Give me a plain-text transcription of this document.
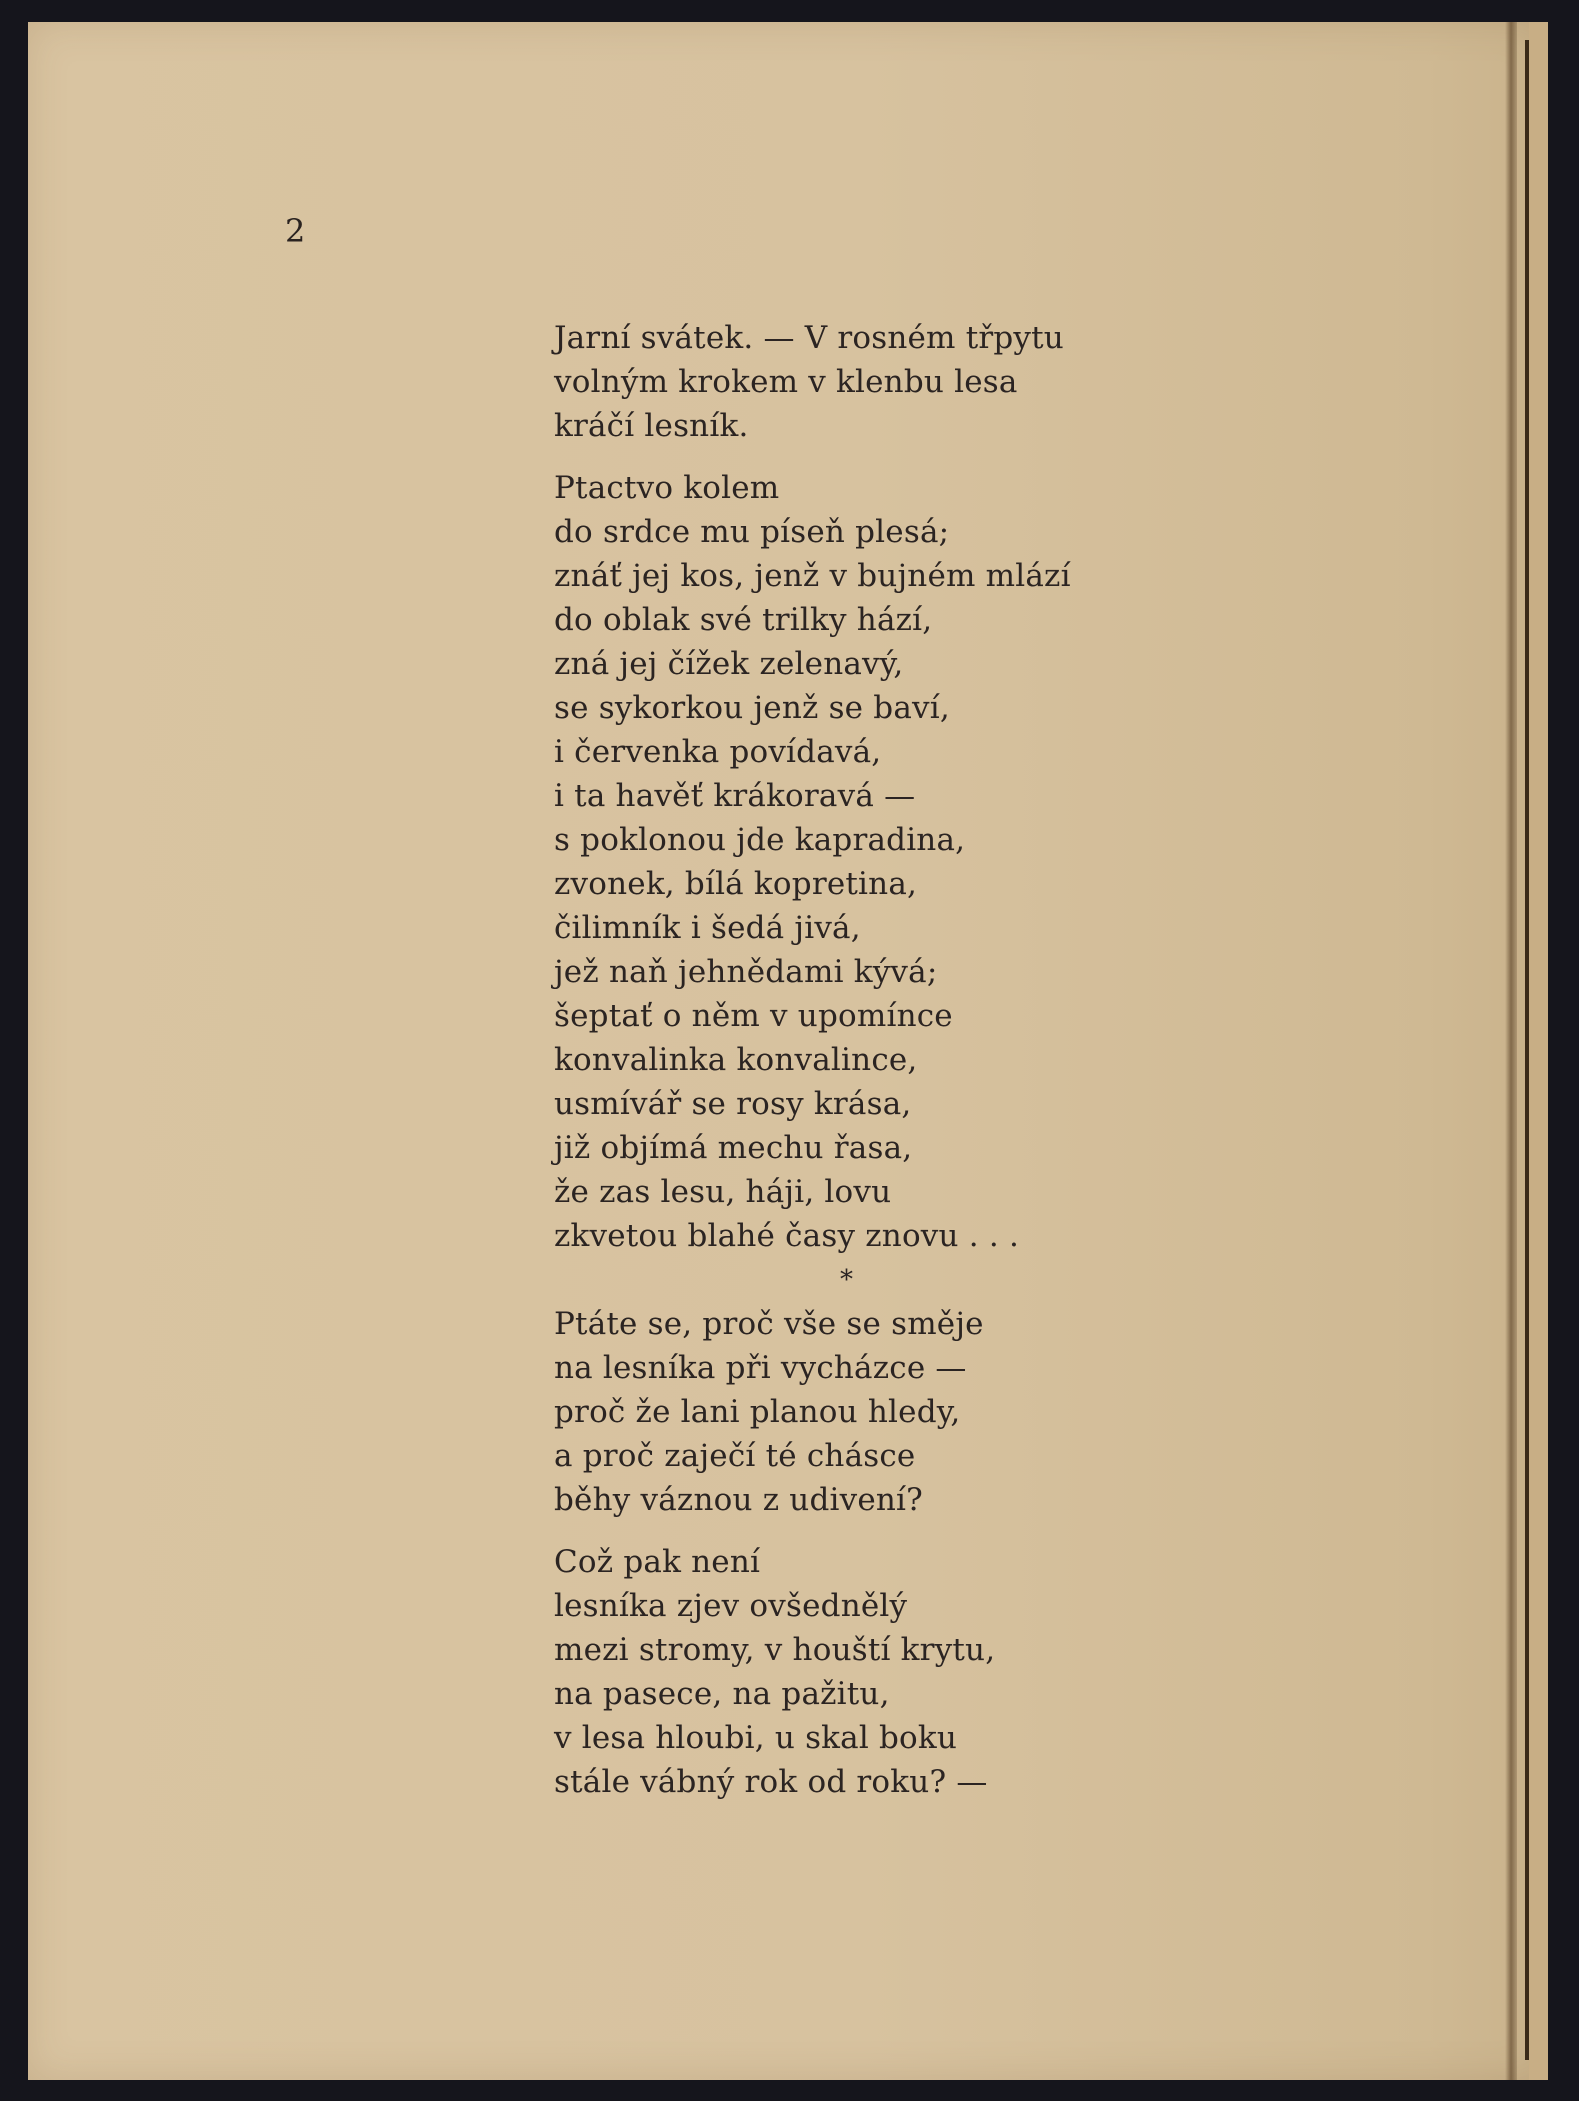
2
Jarní svátek. — V rosném třpytu
volným krokem v klenbu lesa
kráčí lesník.
Ptactvo kolem
do srdce mu píseň plesá;
znáť jej kos, jenž v bujném mlází
do oblak své trilky hází,
zná jej čížek zelenavý,
se sykorkou jenž se baví,
i červenka povídavá,
i ta havěť krákoravá —
s poklonou jde kapradina,
zvonek, bílá kopretina,
čilimník i šedá jivá,
jež naň jehnědami kývá;
šeptať o něm v upomínce
konvalinka konvalince,
usmívář se rosy krása,
již objímá mechu řasa,
že zas lesu, háji, lovu
zkvetou blahé časy znovu . . .
*
Ptáte se, proč vše se směje
na lesníka při vycházce —
proč že lani planou hledy,
a proč zaječí té chásce
běhy váznou z udivení?
Což pak není
lesníka zjev ovšednělý
mezi stromy, v houští krytu,
na pasece, na pažitu,
v lesa hloubi, u skal boku
stále vábný rok od roku? —
